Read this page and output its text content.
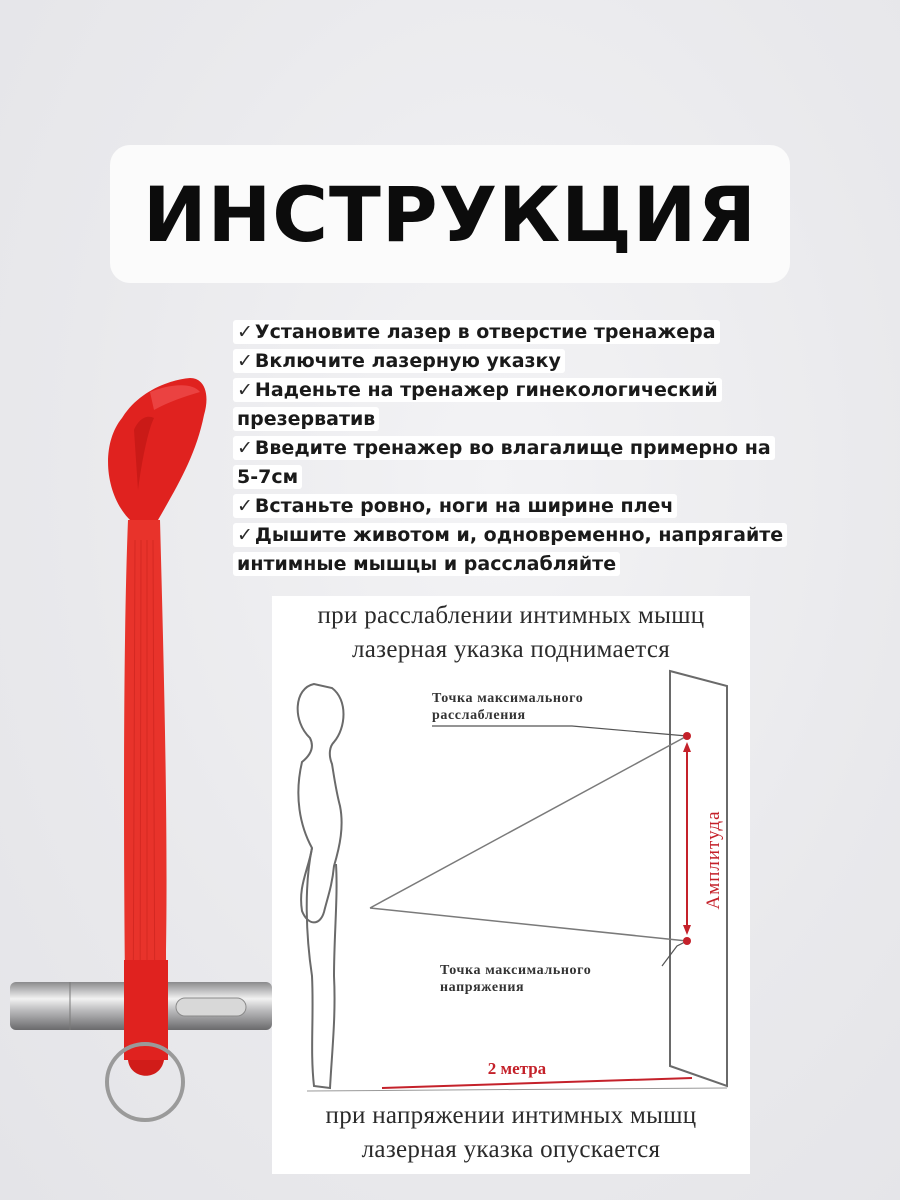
ИНСТРУКЦИЯ
✓ Установите лазер в отверстие тренажера
✓ Включите лазерную указку
✓ Наденьте на тренажер гинекологический
презерватив
✓ Введите тренажер во влагалище примерно на
5-7см
✓ Встаньте ровно, ноги на ширине плеч
✓ Дышите животом и, одновременно, напрягайте
интимные мышцы и расслабляйте
при расслаблении интимных мышц
лазерная указка поднимается
Точка максимального
расслабления
Точка максимального
напряжения
Амплитуда
2 метра
при напряжении интимных мышц
лазерная указка опускается
